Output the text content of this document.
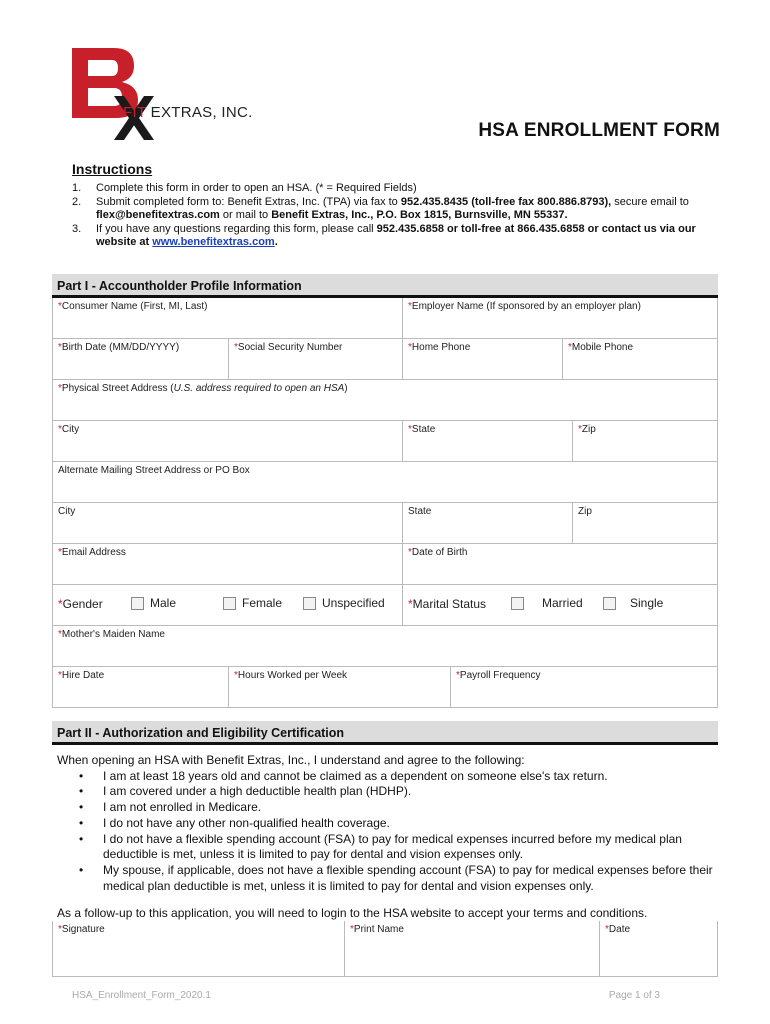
BENEFIT EXTRAS, INC.
HSA ENROLLMENT FORM
Instructions
1.	Complete this form in order to open an HSA. (* = Required Fields)
2.	Submit completed form to: Benefit Extras, Inc. (TPA) via fax to 952.435.8435 (toll-free fax 800.886.8793), secure email to flex@benefitextras.com or mail to Benefit Extras, Inc., P.O. Box 1815, Burnsville, MN 55337.
3.	If you have any questions regarding this form, please call 952.435.6858 or toll-free at 866.435.6858 or contact us via our website at www.benefitextras.com.
Part I - Accountholder Profile Information
*Consumer Name (First, MI, Last)	*Employer Name (If sponsored by an employer plan)
*Birth Date (MM/DD/YYYY)	*Social Security Number	*Home Phone	*Mobile Phone
*Physical Street Address (U.S. address required to open an HSA)
*City	*State	*Zip
Alternate Mailing Street Address or PO Box
City	State	Zip
*Email Address	*Date of Birth
*Gender	Male	Female	Unspecified	*Marital Status	Married	Single
*Mother's Maiden Name
*Hire Date	*Hours Worked per Week	*Payroll Frequency
Part II - Authorization and Eligibility Certification
When opening an HSA with Benefit Extras, Inc., I understand and agree to the following:
• I am at least 18 years old and cannot be claimed as a dependent on someone else's tax return.
• I am covered under a high deductible health plan (HDHP).
• I am not enrolled in Medicare.
• I do not have any other non-qualified health coverage.
• I do not have a flexible spending account (FSA) to pay for medical expenses incurred before my medical plan deductible is met, unless it is limited to pay for dental and vision expenses only.
• My spouse, if applicable, does not have a flexible spending account (FSA) to pay for medical expenses before their medical plan deductible is met, unless it is limited to pay for dental and vision expenses only.
As a follow-up to this application, you will need to login to the HSA website to accept your terms and conditions.
*Signature	*Print Name	*Date
HSA_Enrollment_Form_2020.1	Page 1 of 3
